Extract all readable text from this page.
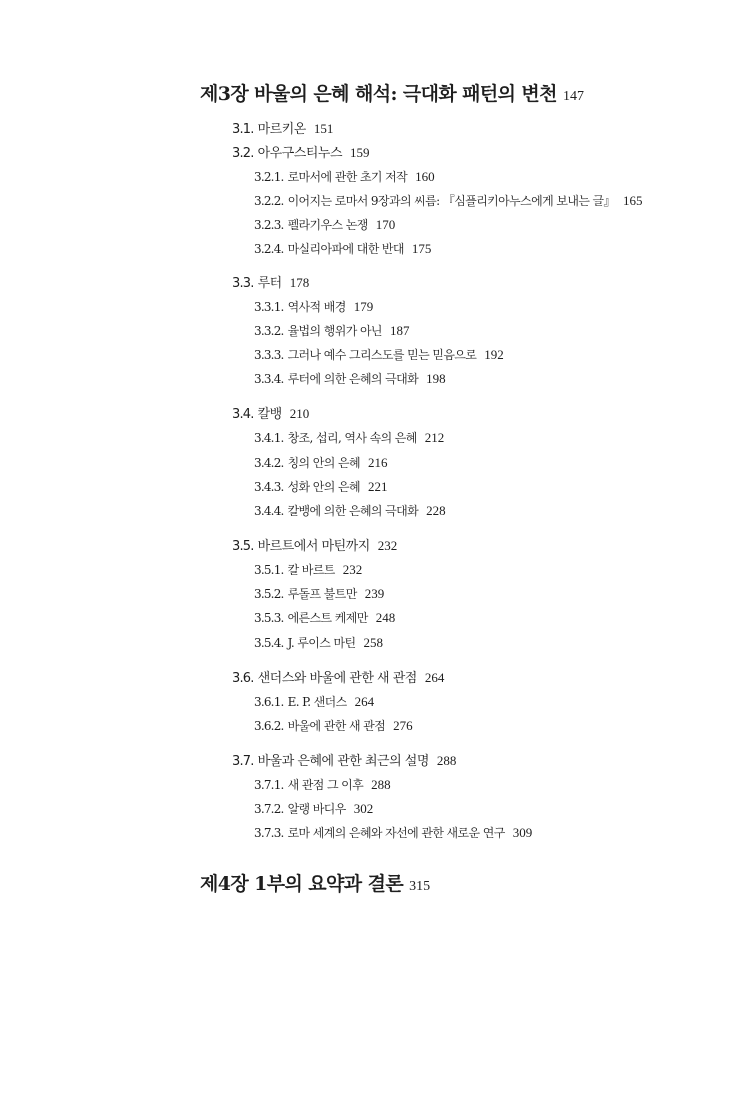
제3장 바울의 은혜 해석: 극대화 패턴의 변천 147
3.1. 마르키온 151
3.2. 아우구스티누스 159
3.2.1. 로마서에 관한 초기 저작 160
3.2.2. 이어지는 로마서 9장과의 씨름: 『심플리키아누스에게 보내는 글』 165
3.2.3. 펠라기우스 논쟁 170
3.2.4. 마실리아파에 대한 반대 175
3.3. 루터 178
3.3.1. 역사적 배경 179
3.3.2. 율법의 행위가 아닌 187
3.3.3. 그러나 예수 그리스도를 믿는 믿음으로 192
3.3.4. 루터에 의한 은혜의 극대화 198
3.4. 칼뱅 210
3.4.1. 창조, 섭리, 역사 속의 은혜 212
3.4.2. 칭의 안의 은혜 216
3.4.3. 성화 안의 은혜 221
3.4.4. 칼뱅에 의한 은혜의 극대화 228
3.5. 바르트에서 마틴까지 232
3.5.1. 칼 바르트 232
3.5.2. 루돌프 불트만 239
3.5.3. 에른스트 케제만 248
3.5.4. J. 루이스 마틴 258
3.6. 샌더스와 바울에 관한 새 관점 264
3.6.1. E. P. 샌더스 264
3.6.2. 바울에 관한 새 관점 276
3.7. 바울과 은혜에 관한 최근의 설명 288
3.7.1. 새 관점 그 이후 288
3.7.2. 알랭 바디우 302
3.7.3. 로마 세계의 은혜와 자선에 관한 새로운 연구 309
제4장 1부의 요약과 결론 315
